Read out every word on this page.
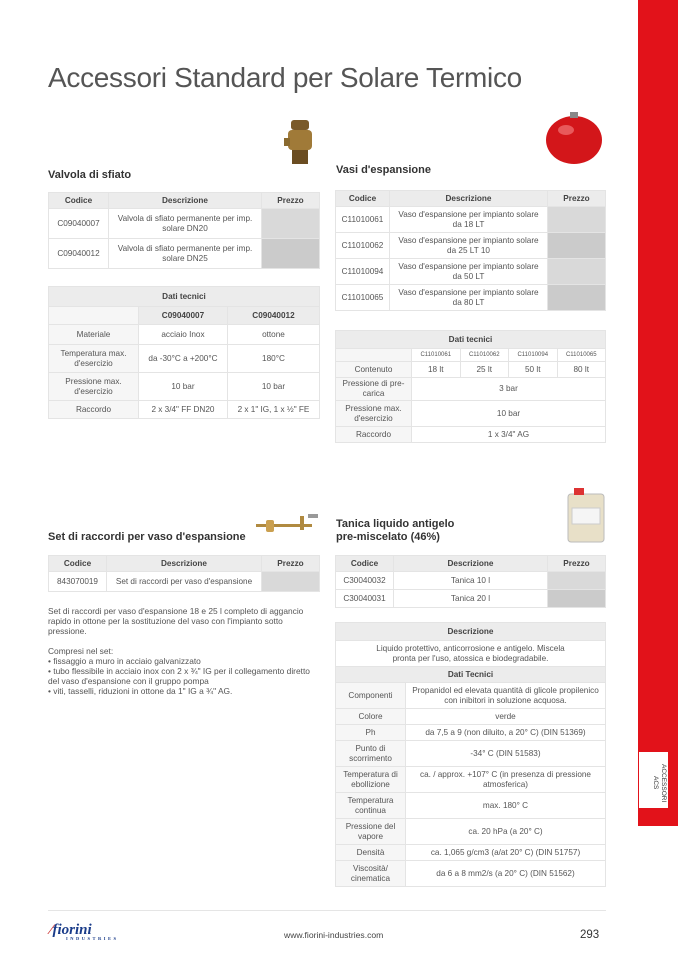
ACCESSORI ACS
Accessori Standard per Solare Termico
Valvola di sfiato
Codice	Descrizione	Prezzo
C09040007	Valvola di sfiato permanente per imp. solare DN20	
C09040012	Valvola di sfiato permanente per imp. solare DN25	
Dati tecnici		
	C09040007	C09040012
Materiale	acciaio Inox	ottone
Temperatura max. d'esercizio	da -30°C a +200°C	180°C
Pressione max. d'esercizio	10 bar	10 bar
Raccordo	2 x 3/4" FF DN20	2 x 1" IG, 1 x ½" FE
Vasi d'espansione
Codice	Descrizione	Prezzo
C11010061	Vaso d'espansione per impianto solare da 18 LT	
C11010062	Vaso d'espansione per impianto solare da 25 LT 10	
C11010094	Vaso d'espansione per impianto solare da 50 LT	
C11010065	Vaso d'espansione per impianto solare da 80 LT	
Dati tecnici				
	C11010061	C11010062	C11010094	C11010065
Contenuto	18 lt	25 lt	50 lt	80 lt
Pressione di pre-carica	3 bar			
Pressione max. d'esercizio	10 bar			
Raccordo	1 x 3/4" AG			
Set di raccordi per vaso d'espansione
Codice	Descrizione	Prezzo
843070019	Set di raccordi per vaso d'espansione	

Set di raccordi per vaso d'espansione 18 e 25 l completo di aggancio rapido in ottone per la sostituzione del vaso con l'impianto sotto pressione.

Compresi nel set:

• fissaggio a muro in acciaio galvanizzato

• tubo flessibile in acciaio inox con 2 x ¾" IG per il collegamento diretto del vaso d'espansione con il gruppo pompa

• viti, tasselli, riduzioni in ottone da 1" IG a ¾" AG.

Tanica liquido antigelo
pre-miscelato (46%)
Codice	Descrizione	Prezzo
C30040032	Tanica 10 l	
C30040031	Tanica 20 l	
Descrizione	
Liquido protettivo, anticorrosione e antigelo. Miscela pronta per l'uso, atossica e biodegradabile.	
Dati Tecnici	
Componenti	Propanidol ed elevata quantità di glicole propilenico con inibitori in soluzione acquosa.
Colore	verde
Ph	da 7,5 a 9 (non diluito, a 20° C) (DIN 51369)
Punto di scorrimento	-34° C (DIN 51583)
Temperatura di ebollizione	ca. / approx. +107° C (in presenza di pressione atmosferica)
Temperatura continua	max. 180° C
Pressione del vapore	ca. 20 hPa (a 20° C)
Densità	ca. 1,065 g/cm3 (a/at 20° C) (DIN 51757)
Viscosità/ cinematica	da 6 a 8 mm2/s (a 20° C) (DIN 51562)
⁄fiorini
INDUSTRIES	www.fiorini-industries.com	293
